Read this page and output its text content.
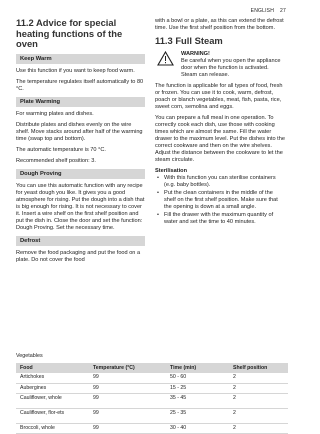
ENGLISH 27
11.2 Advice for special heating functions of the oven
Keep Warm

Use this function if you want to keep food warm.

The temperature regulates itself automatically to 80 °C.

Plate Warming

For warming plates and dishes.

Distribute plates and dishes evenly on the wire shelf. Move stacks around after half of the warming time (swap top and bottom).

The automatic temperature is 70 °C.

Recommended shelf position: 3.

Dough Proving

You can use this automatic function with any recipe for yeast dough you like. It gives you a good atmosphere for rising. Put the dough into a dish that is big enough for rising. It is not necessary to cover it. Insert a wire shelf on the first shelf position and put the dish in. Close the door and set the function: Dough Proving. Set the necessary time.

Defrost

Remove the food packaging and put the food on a plate. Do not cover the food

with a bowl or a plate, as this can extend the defrost time. Use the first shelf position from the bottom.

11.3 Full Steam
WARNING!
Be careful when you open the appliance door when the function is activated. Steam can release.

The function is applicable for all types of food, fresh or frozen. You can use it to cook, warm, defrost, poach or blanch vegetables, meat, fish, pasta, rice, sweet corn, semolina and eggs.

You can prepare a full meal in one operation. To correctly cook each dish, use those with cooking times which are almost the same. Fill the water drawer to the maximum level. Put the dishes into the correct cookware and then on the wire shelves. Adjust the distance between the cookware to let the steam circulate.

Sterilisation
• With this function you can sterilise containers (e.g. baby bottles).
• Put the clean containers in the middle of the shelf on the first shelf position. Make sure that the opening is down at a small angle.
• Fill the drawer with the maximum quantity of water and set the time to 40 minutes.
Vegetables
Food	Temperature (°C)	Time (min)	Shelf position
Artichokes	99	50 - 60	2
Aubergines	99	15 - 25	2
Cauliflower, whole	99	35 - 45	2
Cauliflower, flor-ets	99	25 - 35	2
Broccoli, whole	99	30 - 40	2
